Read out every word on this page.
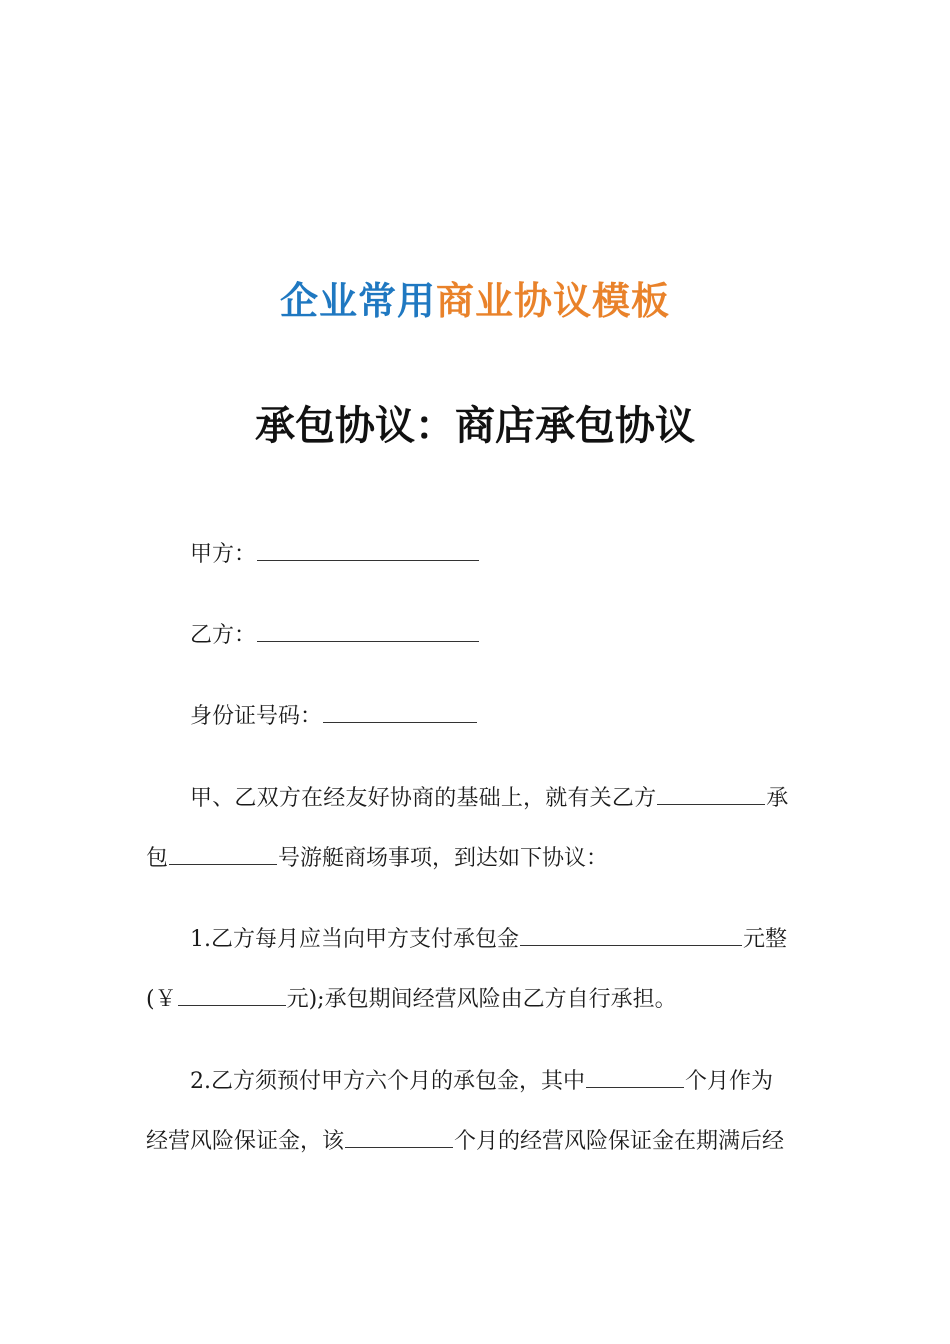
企业常用商业协议模板
承包协议：商店承包协议
甲方：
乙方：
身份证号码：
甲、乙双方在经友好协商的基础上，就有关乙方	承
包	号游艇商场事项，到达如下协议：
1.乙方每月应当向甲方支付承包金	元整
(￥	元);承包期间经营风险由乙方自行承担。
2.乙方须预付甲方六个月的承包金，其中	个月作为
经营风险保证金，该	个月的经营风险保证金在期满后经
